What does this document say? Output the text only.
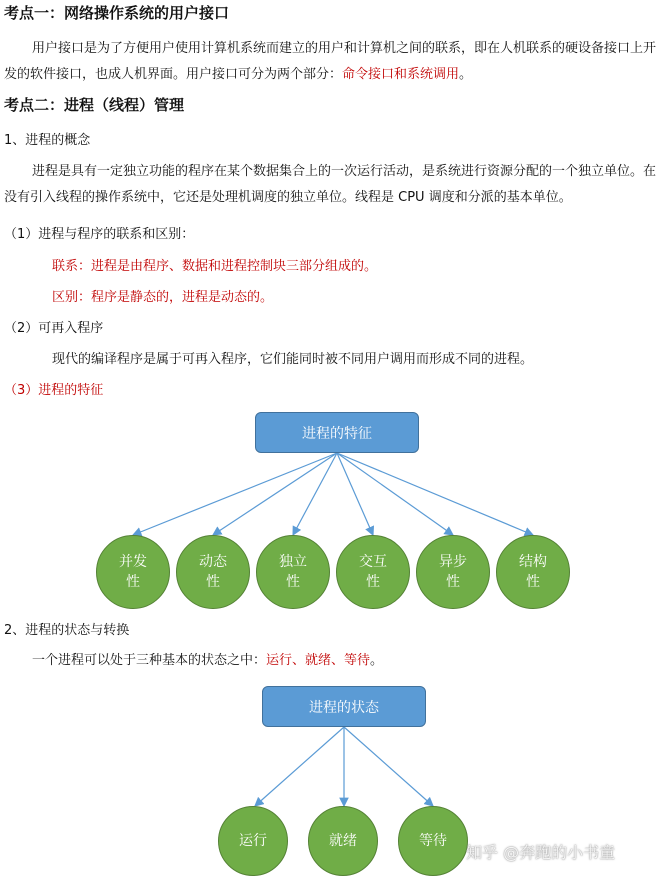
考点一：网络操作系统的用户接口
用户接口是为了方便用户使用计算机系统而建立的用户和计算机之间的联系，即在人机联系的硬设备接口上开发的软件接口，也成人机界面。用户接口可分为两个部分：命令接口和系统调用。
考点二：进程（线程）管理
1、进程的概念
进程是具有一定独立功能的程序在某个数据集合上的一次运行活动，是系统进行资源分配的一个独立单位。在没有引入线程的操作系统中，它还是处理机调度的独立单位。线程是 CPU 调度和分派的基本单位。
（1）进程与程序的联系和区别：
联系：进程是由程序、数据和进程控制块三部分组成的。
区别：程序是静态的，进程是动态的。
（2）可再入程序
现代的编译程序是属于可再入程序，它们能同时被不同用户调用而形成不同的进程。
（3）进程的特征
进程的特征
并发性
动态性
独立性
交互性
异步性
结构性
2、进程的状态与转换
一个进程可以处于三种基本的状态之中：运行、就绪、等待。
进程的状态
运行	就绪	等待
知乎 @奔跑的小书童
